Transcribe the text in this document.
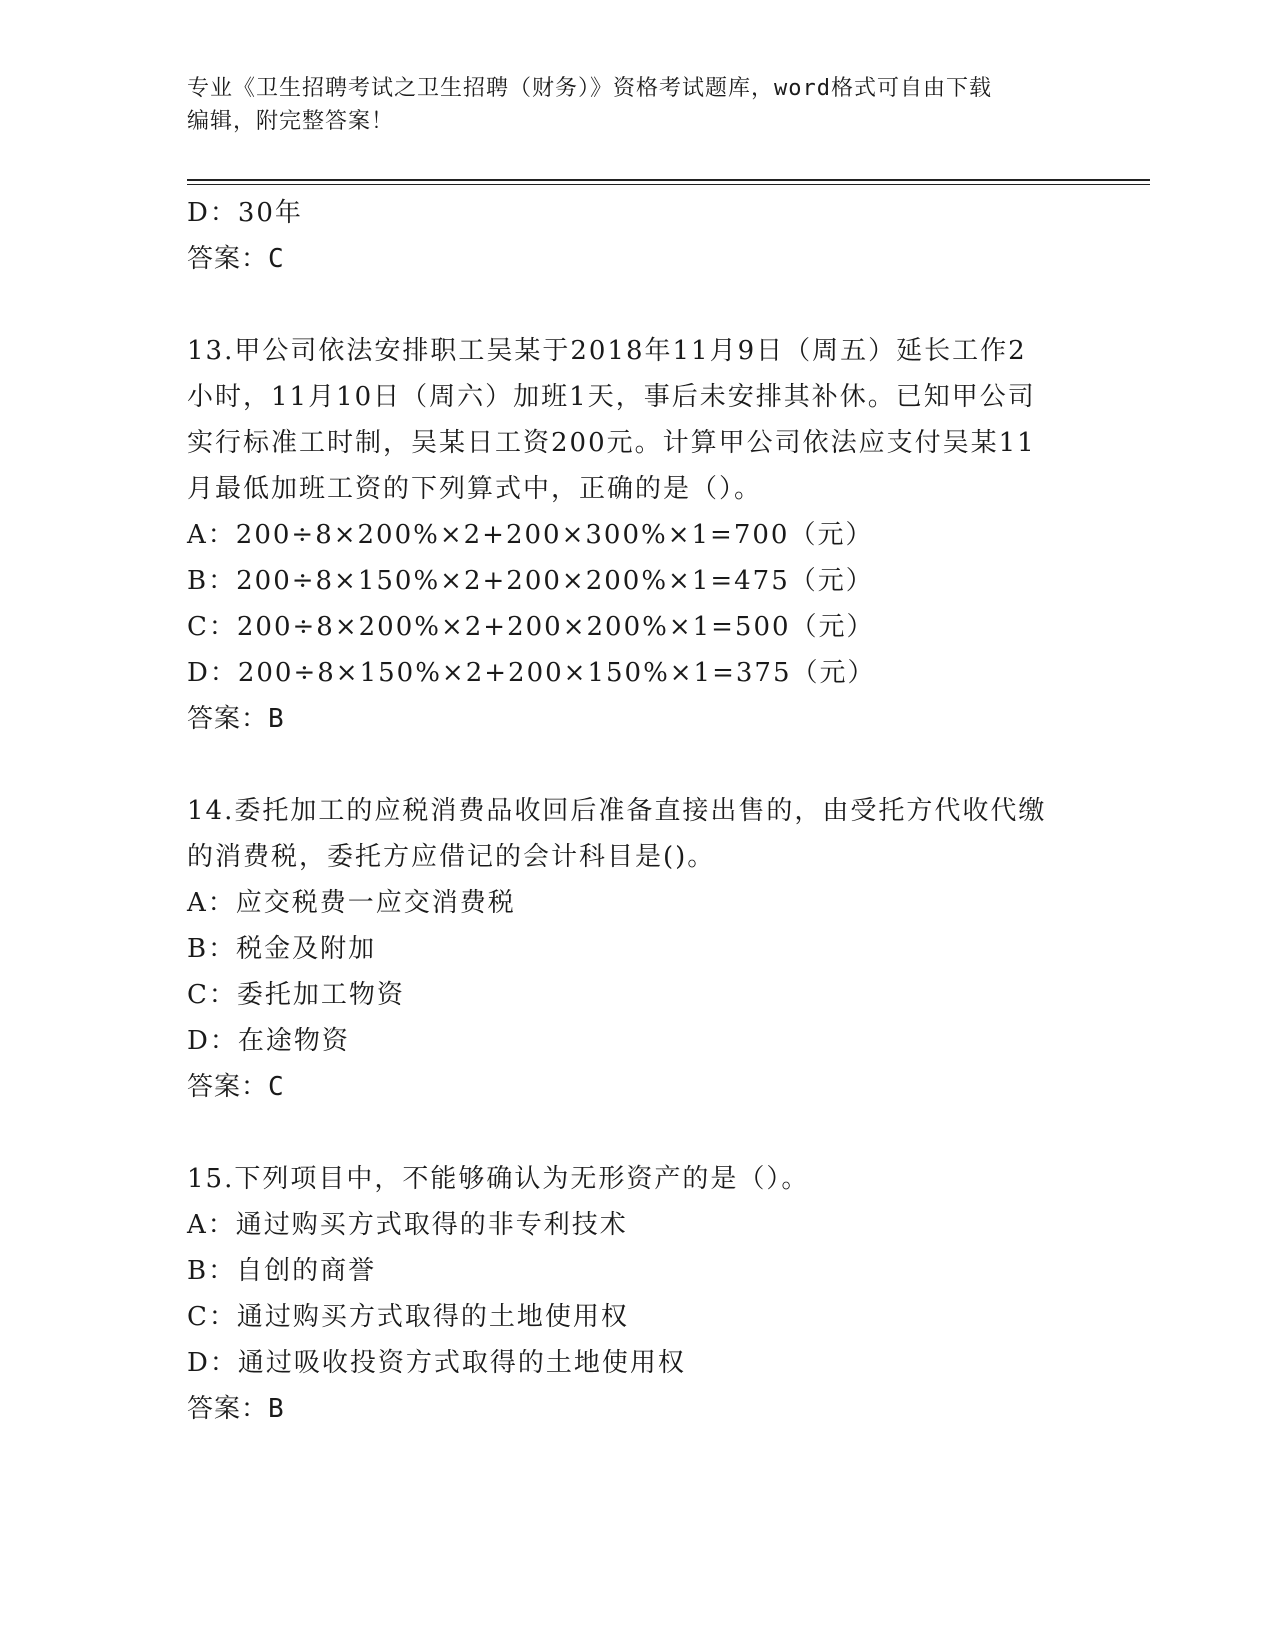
专业《卫生招聘考试之卫生招聘（财务）》资格考试题库，word格式可自由下载
编辑，附完整答案！
D：30年
答案：C
13.甲公司依法安排职工吴某于2018年11月9日（周五）延长工作2
小时，11月10日（周六）加班1天，事后未安排其补休。已知甲公司
实行标准工时制，吴某日工资200元。计算甲公司依法应支付吴某11
月最低加班工资的下列算式中，正确的是（）。
A：200÷8×200%×2+200×300%×1=700（元）
B：200÷8×150%×2+200×200%×1=475（元）
C：200÷8×200%×2+200×200%×1=500（元）
D：200÷8×150%×2+200×150%×1=375（元）
答案：B
14.委托加工的应税消费品收回后准备直接出售的，由受托方代收代缴
的消费税，委托方应借记的会计科目是()。
A：应交税费一应交消费税
B：税金及附加
C：委托加工物资
D：在途物资
答案：C
15.下列项目中，不能够确认为无形资产的是（）。
A：通过购买方式取得的非专利技术
B：自创的商誉
C：通过购买方式取得的土地使用权
D：通过吸收投资方式取得的土地使用权
答案：B
